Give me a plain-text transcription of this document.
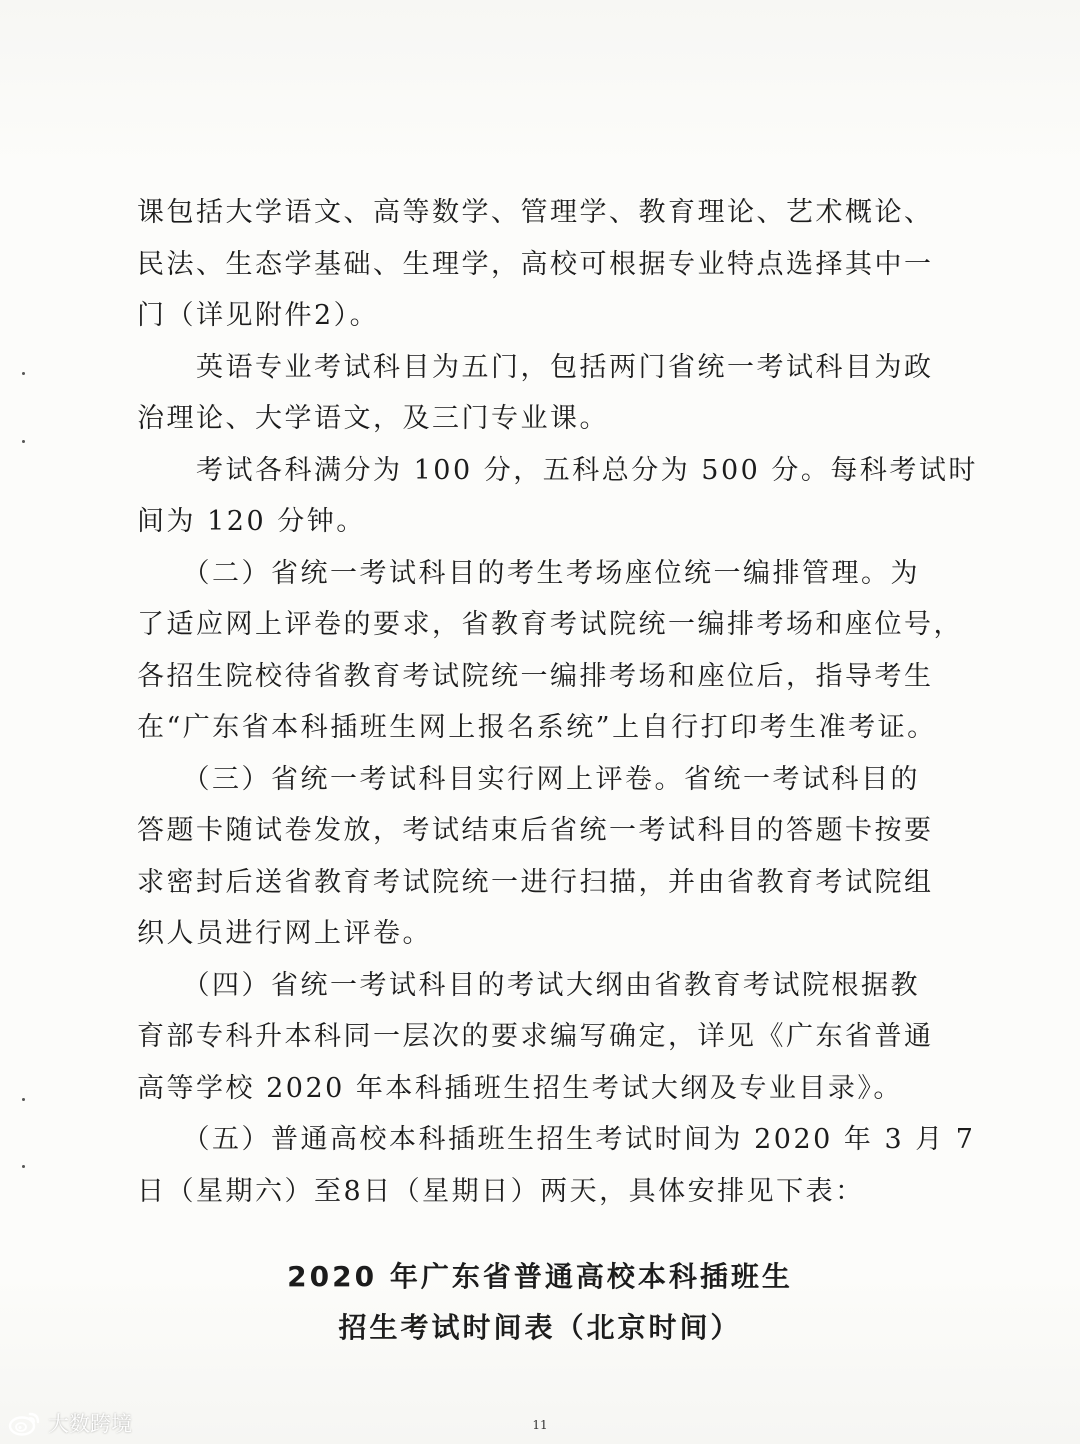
课包括大学语文、高等数学、管理学、教育理论、艺术概论、
民法、生态学基础、生理学，高校可根据专业特点选择其中一
门（详见附件2）。
　　英语专业考试科目为五门，包括两门省统一考试科目为政
治理论、大学语文，及三门专业课。
　　考试各科满分为 100 分，五科总分为 500 分。每科考试时
间为 120 分钟。
　　（二）省统一考试科目的考生考场座位统一编排管理。为
了适应网上评卷的要求，省教育考试院统一编排考场和座位号，
各招生院校待省教育考试院统一编排考场和座位后，指导考生
在“广东省本科插班生网上报名系统”上自行打印考生准考证。
　　（三）省统一考试科目实行网上评卷。省统一考试科目的
答题卡随试卷发放，考试结束后省统一考试科目的答题卡按要
求密封后送省教育考试院统一进行扫描，并由省教育考试院组
织人员进行网上评卷。
　　（四）省统一考试科目的考试大纲由省教育考试院根据教
育部专科升本科同一层次的要求编写确定，详见《广东省普通
高等学校 2020 年本科插班生招生考试大纲及专业目录》。
　　（五）普通高校本科插班生招生考试时间为 2020 年 3 月 7
日（星期六）至8日（星期日）两天，具体安排见下表：
2020 年广东省普通高校本科插班生
招生考试时间表（北京时间）
11
大数跨境
